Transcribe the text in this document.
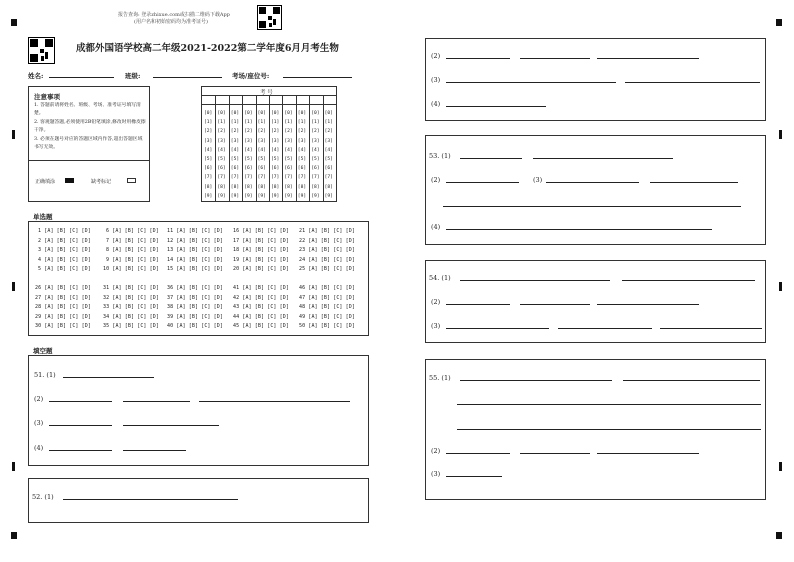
报告查询: 登录zhixue.com或扫描二维码下载App
(用户名和初始密码均为准考证号)
成都外国语学校高二年级2021-2022第二学年度6月月考生物
姓名:	班级:	考场/座位号:
注意事项
1. 答题前请将姓名、班级、考场、准考证号填写清楚。
2. 客观题答题,必须使用2B铅笔填涂,修改时用橡皮擦干净。
3. 必须在题号对应的答题区域内作答,超出答题区域书写无效。
正确填涂	缺考标记
考 号
[0] [0] [0] [0] [0] [0] [0] [0] [0] [0]
[1] [1] [1] [1] [1] [1] [1] [1] [1] [1]
[2] [2] [2] [2] [2] [2] [2] [2] [2] [2]
[3] [3] [3] [3] [3] [3] [3] [3] [3] [3]
[4] [4] [4] [4] [4] [4] [4] [4] [4] [4]
[5] [5] [5] [5] [5] [5] [5] [5] [5] [5]
[6] [6] [6] [6] [6] [6] [6] [6] [6] [6]
[7] [7] [7] [7] [7] [7] [7] [7] [7] [7]
[8] [8] [8] [8] [8] [8] [8] [8] [8] [8]
[9] [9] [9] [9] [9] [9] [9] [9] [9] [9]
单选题
1 [A] [B] [C] [D]	6 [A] [B] [C] [D] 11 [A] [B] [C] [D] 16 [A] [B] [C] [D] 21 [A] [B] [C] [D]
2 [A] [B] [C] [D]	7 [A] [B] [C] [D] 12 [A] [B] [C] [D] 17 [A] [B] [C] [D] 22 [A] [B] [C] [D]
3 [A] [B] [C] [D]	8 [A] [B] [C] [D] 13 [A] [B] [C] [D] 18 [A] [B] [C] [D] 23 [A] [B] [C] [D]
4 [A] [B] [C] [D]	9 [A] [B] [C] [D] 14 [A] [B] [C] [D] 19 [A] [B] [C] [D] 24 [A] [B] [C] [D]
5 [A] [B] [C] [D] 10 [A] [B] [C] [D] 15 [A] [B] [C] [D] 20 [A] [B] [C] [D] 25 [A] [B] [C] [D]
26 [A] [B] [C] [D] 31 [A] [B] [C] [D] 36 [A] [B] [C] [D] 41 [A] [B] [C] [D] 46 [A] [B] [C] [D]
27 [A] [B] [C] [D] 32 [A] [B] [C] [D] 37 [A] [B] [C] [D] 42 [A] [B] [C] [D] 47 [A] [B] [C] [D]
28 [A] [B] [C] [D] 33 [A] [B] [C] [D] 38 [A] [B] [C] [D] 43 [A] [B] [C] [D] 48 [A] [B] [C] [D]
29 [A] [B] [C] [D] 34 [A] [B] [C] [D] 39 [A] [B] [C] [D] 44 [A] [B] [C] [D] 49 [A] [B] [C] [D]
30 [A] [B] [C] [D] 35 [A] [B] [C] [D] 40 [A] [B] [C] [D] 45 [A] [B] [C] [D] 50 [A] [B] [C] [D]
填空题
51. (1)
(2)
(3)
(4)
52. (1)
(2)
(3)
(4)
53. (1)
(2)	(3)
(4)
54. (1)
(2)
(3)
55. (1)
(2)
(3)
